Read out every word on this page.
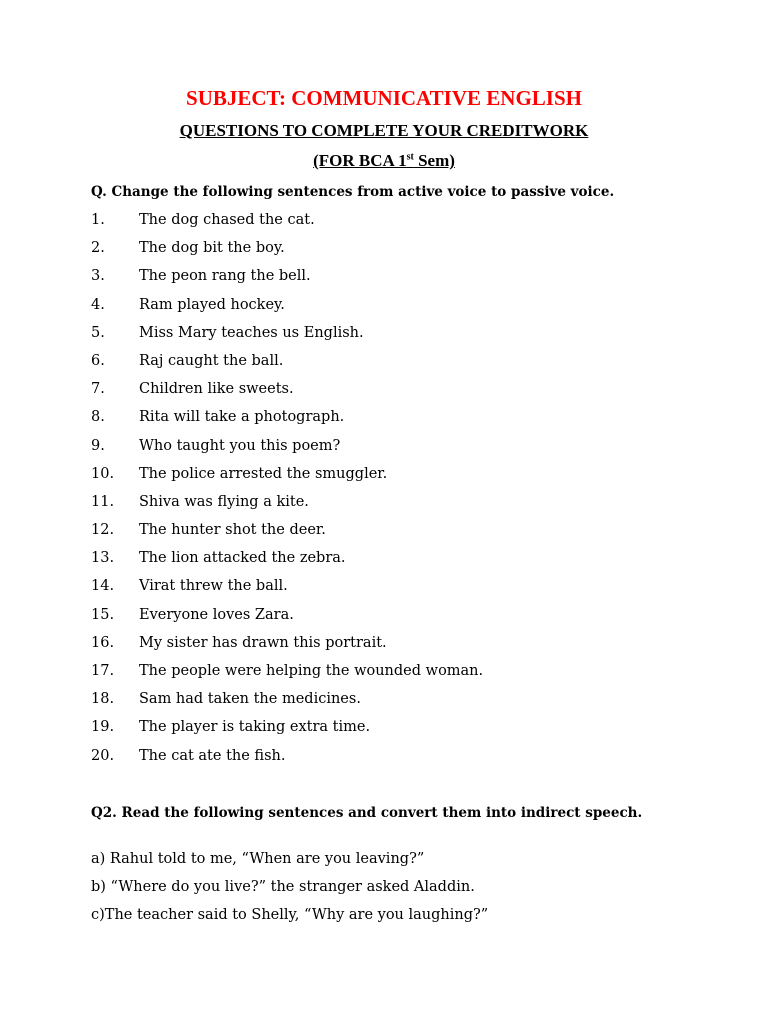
SUBJECT: COMMUNICATIVE ENGLISH
QUESTIONS TO COMPLETE YOUR CREDITWORK
(FOR BCA 1st Sem)
Q. Change the following sentences from active voice to passive voice.
1. The dog chased the cat.
2. The dog bit the boy.
3. The peon rang the bell.
4. Ram played hockey.
5. Miss Mary teaches us English.
6. Raj caught the ball.
7. Children like sweets.
8. Rita will take a photograph.
9. Who taught you this poem?
10. The police arrested the smuggler.
11. Shiva was flying a kite.
12. The hunter shot the deer.
13. The lion attacked the zebra.
14. Virat threw the ball.
15. Everyone loves Zara.
16. My sister has drawn this portrait.
17. The people were helping the wounded woman.
18. Sam had taken the medicines.
19. The player is taking extra time.
20. The cat ate the fish.
Q2. Read the following sentences and convert them into indirect speech.
a) Rahul told to me, “When are you leaving?”
b) “Where do you live?” the stranger asked Aladdin.
c)The teacher said to Shelly, “Why are you laughing?”
